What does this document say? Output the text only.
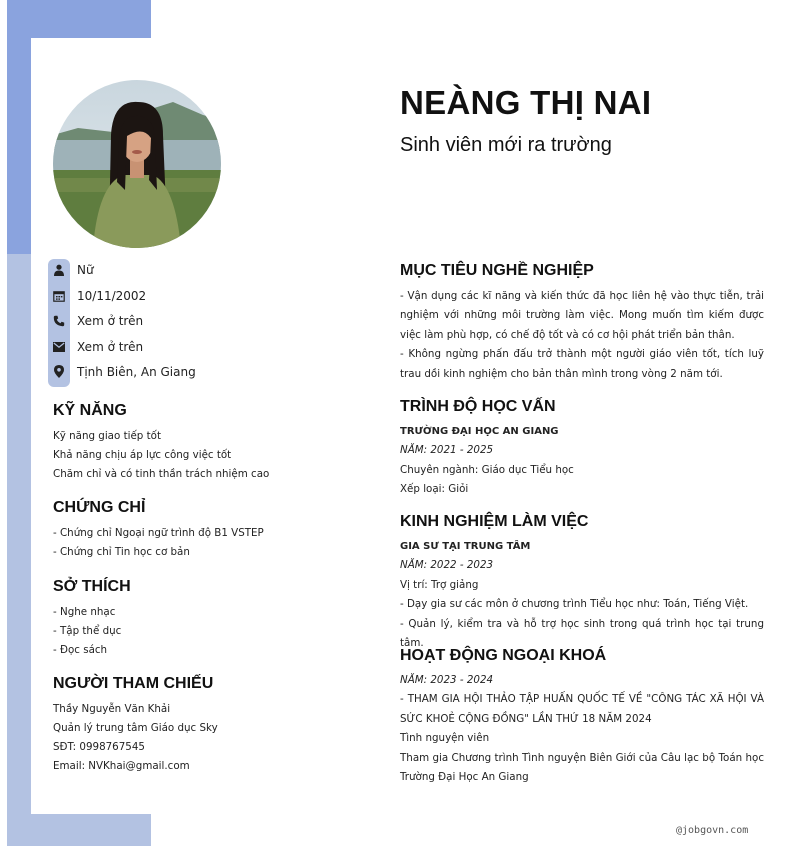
NEÀNG THỊ NAI
Sinh viên mới ra trường
Nữ
10/11/2002
Xem ở trên
Xem ở trên
Tịnh Biên, An Giang
KỸ NĂNG
Kỹ năng giao tiếp tốt
Khả năng chịu áp lực công việc tốt
Chăm chỉ và có tinh thần trách nhiệm cao
CHỨNG CHỈ
- Chứng chỉ Ngoại ngữ trình độ B1 VSTEP
- Chứng chỉ Tin học cơ bản
SỞ THÍCH
- Nghe nhạc
- Tập thể dục
- Đọc sách
NGƯỜI THAM CHIẾU
Thầy Nguyễn Văn Khải
Quản lý trung tâm Giáo dục Sky
SĐT: 0998767545
Email: NVKhai@gmail.com
MỤC TIÊU NGHỀ NGHIỆP
- Vận dụng các kĩ năng và kiến thức đã học liên hệ vào thực tiễn, trải nghiệm với những môi trường làm việc. Mong muốn tìm kiếm được việc làm phù hợp, có chế độ tốt và có cơ hội phát triển bản thân.
- Không ngừng phấn đấu trở thành một người giáo viên tốt, tích luỹ trau dồi kinh nghiệm cho bản thân mình trong vòng 2 năm tới.
TRÌNH ĐỘ HỌC VẤN
TRƯỜNG ĐẠI HỌC AN GIANG
NĂM: 2021 - 2025
Chuyên ngành: Giáo dục Tiểu học
Xếp loại: Giỏi
KINH NGHIỆM LÀM VIỆC
GIA SƯ TẠI TRUNG TÂM
NĂM: 2022 - 2023
Vị trí: Trợ giảng
- Dạy gia sư các môn ở chương trình Tiểu học như: Toán, Tiếng Việt.
- Quản lý, kiểm tra và hỗ trợ học sinh trong quá trình học tại trung tâm.
HOẠT ĐỘNG NGOẠI KHOÁ
NĂM: 2023 - 2024
- THAM GIA HỘI THẢO TẬP HUẤN QUỐC TẾ VỀ "CÔNG TÁC XÃ HỘI VÀ SỨC KHOẺ CỘNG ĐỒNG" LẦN THỨ 18 NĂM 2024
Tình nguyện viên
Tham gia Chương trình Tình nguyện Biên Giới của Câu lạc bộ Toán học Trường Đại Học An Giang
@jobgovn.com
